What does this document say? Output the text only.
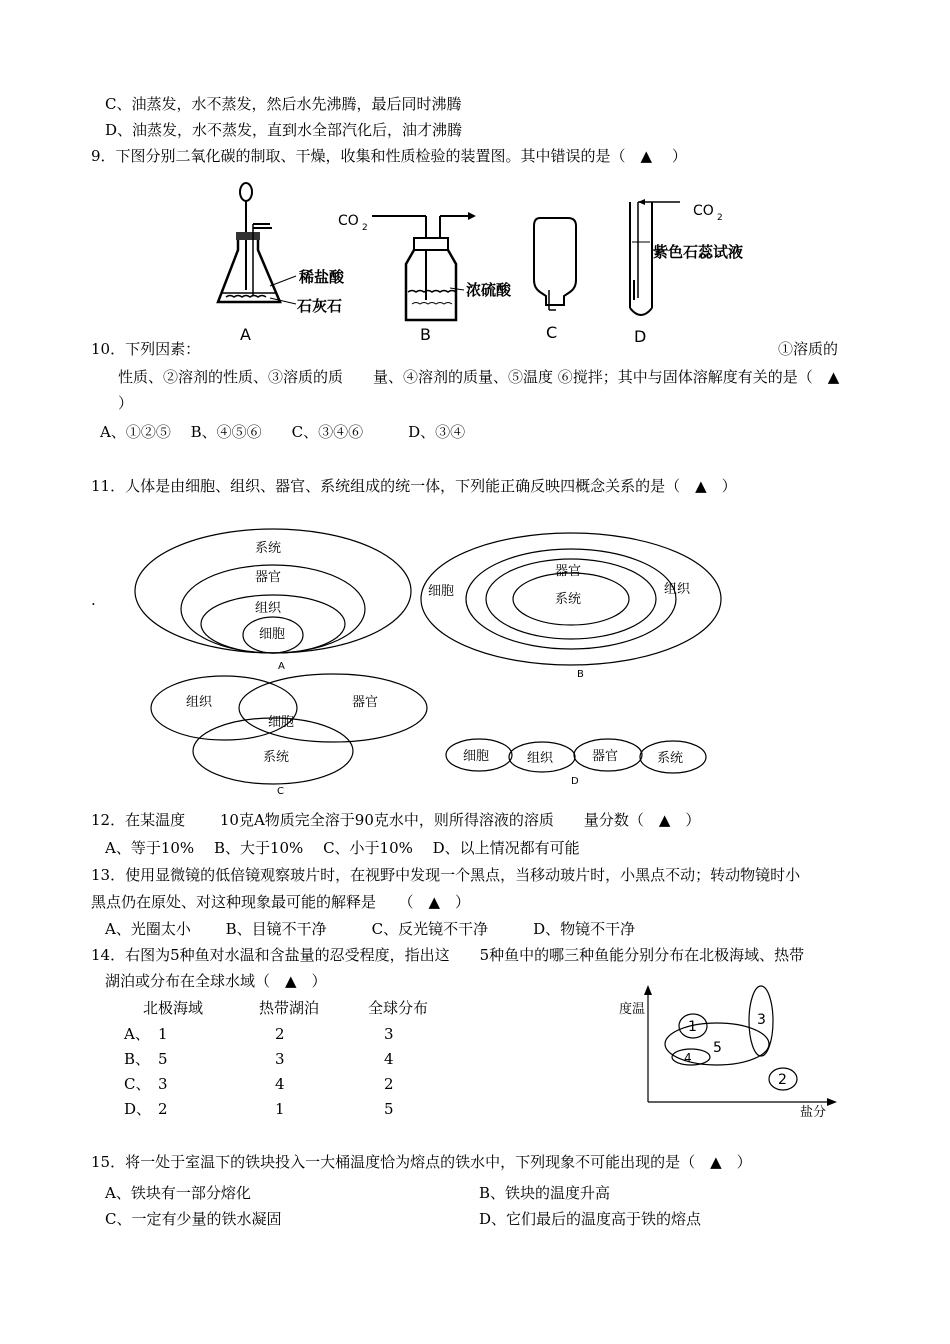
C、油蒸发，水不蒸发，然后水先沸腾，最后同时沸腾
D、油蒸发，水不蒸发，直到水全部汽化后，油才沸腾
9．下图分别二氧化碳的制取、干燥，收集和性质检验的装置图。其中错误的是（　▲　 ）
稀盐酸
石灰石
A
CO 2
浓硫酸
B	C
CO 2
紫色石蕊试液
D
10．下列因素：	①溶质的
性质、②溶剂的性质、③溶质的质　　量、④溶剂的质量、⑤温度 ⑥搅拌；其中与固体溶解度有关的是（　▲
）
A、①②⑤　 B、④⑤⑥　　C、③④⑥　　　D、③④
11．人体是由细胞、组织、器官、系统组成的统一体，下列能正确反映四概念关系的是（　▲　）
.
系统
器官
组织
细胞
A
细胞	组织
器官
系统
B
组织	器官
细胞
系统
C
细胞	组织	器官	系统
D
12．在某温度　　 10克A物质完全溶于90克水中，则所得溶液的溶质　　量分数（　▲　）
A、等于10%　 B、大于10%　 C、小于10%　 D、以上情况都有可能
13．使用显微镜的低倍镜观察玻片时，在视野中发现一个黑点，当移动玻片时，小黑点不动；转动物镜时小
黑点仍在原处、对这种现象最可能的解释是　　（　▲　）
A、光圈太小　　 B、目镜不干净　　　C、反光镜不干净　　　D、物镜不干净
14．右图为5种鱼对水温和含盐量的忍受程度，指出这　　5种鱼中的哪三种鱼能分别分布在北极海域、热带
湖泊或分布在全球水域（　▲　）
北极海域	热带湖泊	全球分布
A、 1	2	3
B、 5	3	4
C、 3	4	2
D、 2	1	5
度温
盐分
1
5
3
4
2
15．将一处于室温下的铁块投入一大桶温度恰为熔点的铁水中，下列现象不可能出现的是（　▲　）
A、铁块有一部分熔化	B、铁块的温度升高
C、一定有少量的铁水凝固	D、它们最后的温度高于铁的熔点
